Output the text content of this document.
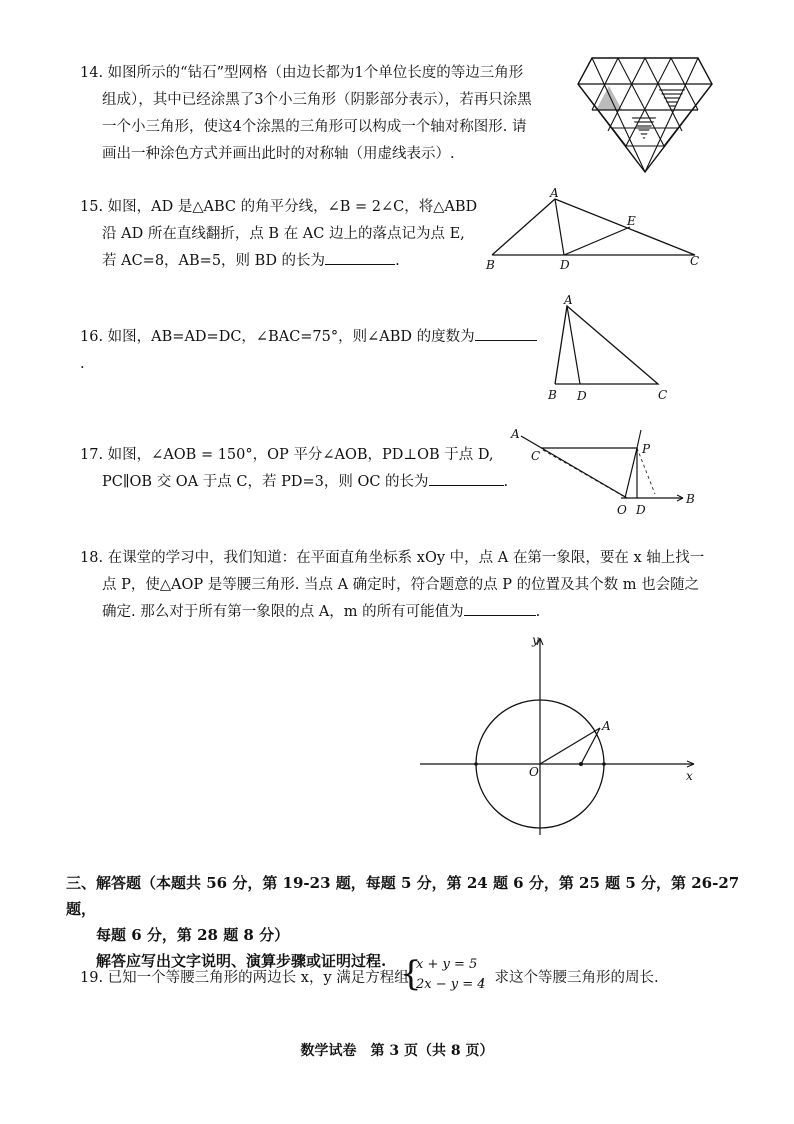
14. 如图所示的“钻石”型网格（由边长都为1个单位长度的等边三角形
组成），其中已经涂黑了3个小三角形（阴影部分表示），若再只涂黑
一个小三角形，使这4个涂黑的三角形可以构成一个轴对称图形. 请
画出一种涂色方式并画出此时的对称轴（用虚线表示）.
15. 如图，AD 是△ABC 的角平分线，∠B = 2∠C，将△ABD
沿 AD 所在直线翻折，点 B 在 AC 边上的落点记为点 E,
若 AC=8，AB=5，则 BD 的长为	.
A
B	C
D
E
16. 如图，AB=AD=DC，∠BAC=75°，则∠ABD 的度数为.
A
B	C
D
17. 如图，∠AOB = 150°，OP 平分∠AOB，PD⊥OB 于点 D,
PC∥OB 交 OA 于点 C，若 PD=3，则 OC 的长为	.
A
C	P
B
O D
18. 在课堂的学习中，我们知道：在平面直角坐标系 xOy 中，点 A 在第一象限，要在 x 轴上找一
点 P，使△AOP 是等腰三角形. 当点 A 确定时，符合题意的点 P 的位置及其个数 m 也会随之
确定. 那么对于所有第一象限的点 A，m 的所有可能值为	.
y
x
O
A
三、解答题（本题共 56 分，第 19-23 题，每题 5 分，第 24 题 6 分，第 25 题 5 分，第 26-27 题，
每题 6 分，第 28 题 8 分）
解答应写出文字说明、演算步骤或证明过程.
19. 已知一个等腰三角形的两边长 x，y 满足方程组
{
x + y = 5
2x − y = 4
，求这个等腰三角形的周长.
数学试卷　第 3 页（共 8 页）
